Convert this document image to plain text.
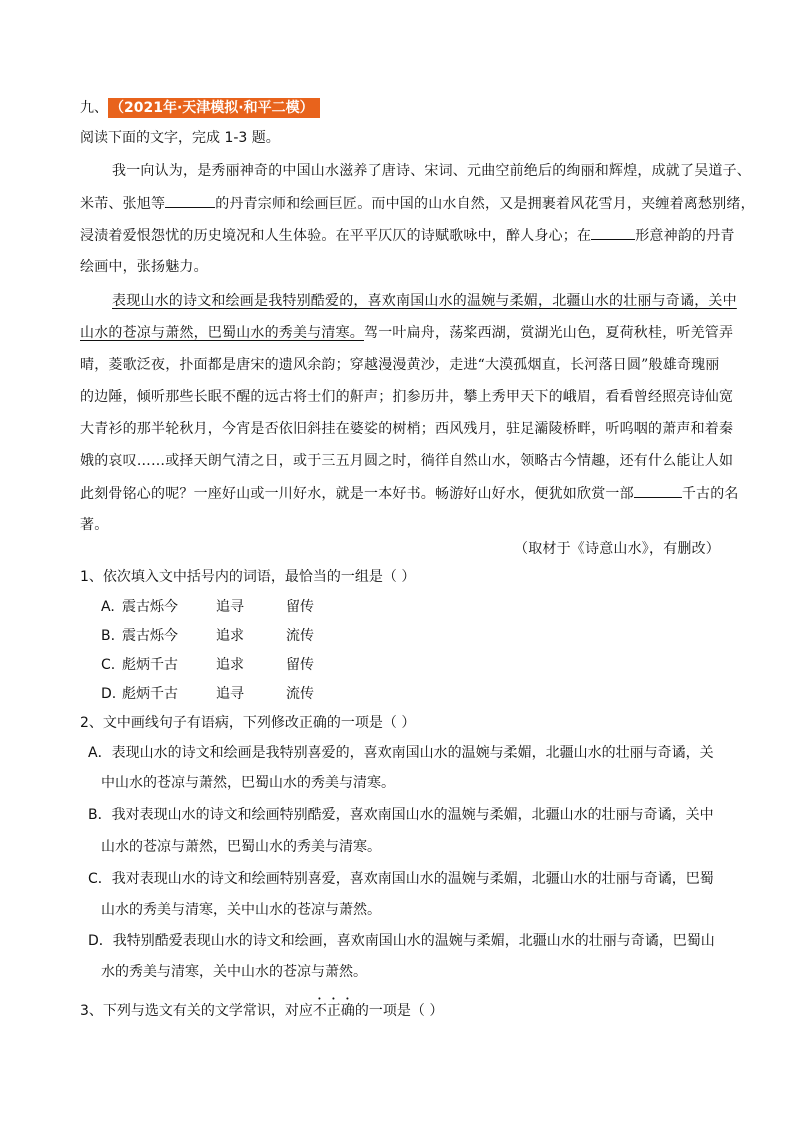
九、 （2021年·天津模拟·和平二模）
阅读下面的文字，完成 1-3 题。
我一向认为，是秀丽神奇的中国山水滋养了唐诗、宋词、元曲空前绝后的绚丽和辉煌，成就了吴道子、
米芾、张旭等	的丹青宗师和绘画巨匠。而中国的山水自然，又是拥裹着风花雪月，夹缠着离愁别绪，
浸渍着爱恨怨忧的历史境况和人生体验。在平平仄仄的诗赋歌咏中，醉人身心；在	形意神韵的丹青
绘画中，张扬魅力。
表现山水的诗文和绘画是我特别酷爱的，喜欢南国山水的温婉与柔媚，北疆山水的壮丽与奇谲，关中
山水的苍凉与萧然，巴蜀山水的秀美与清寒。驾一叶扁舟，荡桨西湖，赏湖光山色，夏荷秋桂，听羌管弄
晴，菱歌泛夜，扑面都是唐宋的遗风余韵；穿越漫漫黄沙，走进“大漠孤烟直，长河落日圆”般雄奇瑰丽
的边陲，倾听那些长眠不醒的远古将士们的鼾声；扪参历井，攀上秀甲天下的峨眉，看看曾经照亮诗仙宽
大青衫的那半轮秋月，今宵是否依旧斜挂在婆娑的树梢；西风残月，驻足灞陵桥畔，听呜咽的萧声和着秦
娥的哀叹……或择天朗气清之日，或于三五月圆之时，徜徉自然山水，领略古今情趣，还有什么能让人如
此刻骨铭心的呢？一座好山或一川好水，就是一本好书。畅游好山好水，便犹如欣赏一部	千古的名
著。
（取材于《诗意山水》，有删改）
1、依次填入文中括号内的词语，最恰当的一组是（ ）
A. 震古烁今	追寻	留传
B. 震古烁今	追求	流传
C. 彪炳千古	追求	留传
D. 彪炳千古	追寻	流传
2、文中画线句子有语病，下列修改正确的一项是（ ）
A．表现山水的诗文和绘画是我特别喜爱的，喜欢南国山水的温婉与柔媚，北疆山水的壮丽与奇谲，关
中山水的苍凉与萧然，巴蜀山水的秀美与清寒。
B．我对表现山水的诗文和绘画特别酷爱，喜欢南国山水的温婉与柔媚，北疆山水的壮丽与奇谲，关中
山水的苍凉与萧然，巴蜀山水的秀美与清寒。
C．我对表现山水的诗文和绘画特别喜爱，喜欢南国山水的温婉与柔媚，北疆山水的壮丽与奇谲，巴蜀
山水的秀美与清寒，关中山水的苍凉与萧然。
D．我特别酷爱表现山水的诗文和绘画，喜欢南国山水的温婉与柔媚，北疆山水的壮丽与奇谲，巴蜀山
水的秀美与清寒，关中山水的苍凉与萧然。
3、下列与选文有关的文学常识，对应不正确的一项是（ ）
